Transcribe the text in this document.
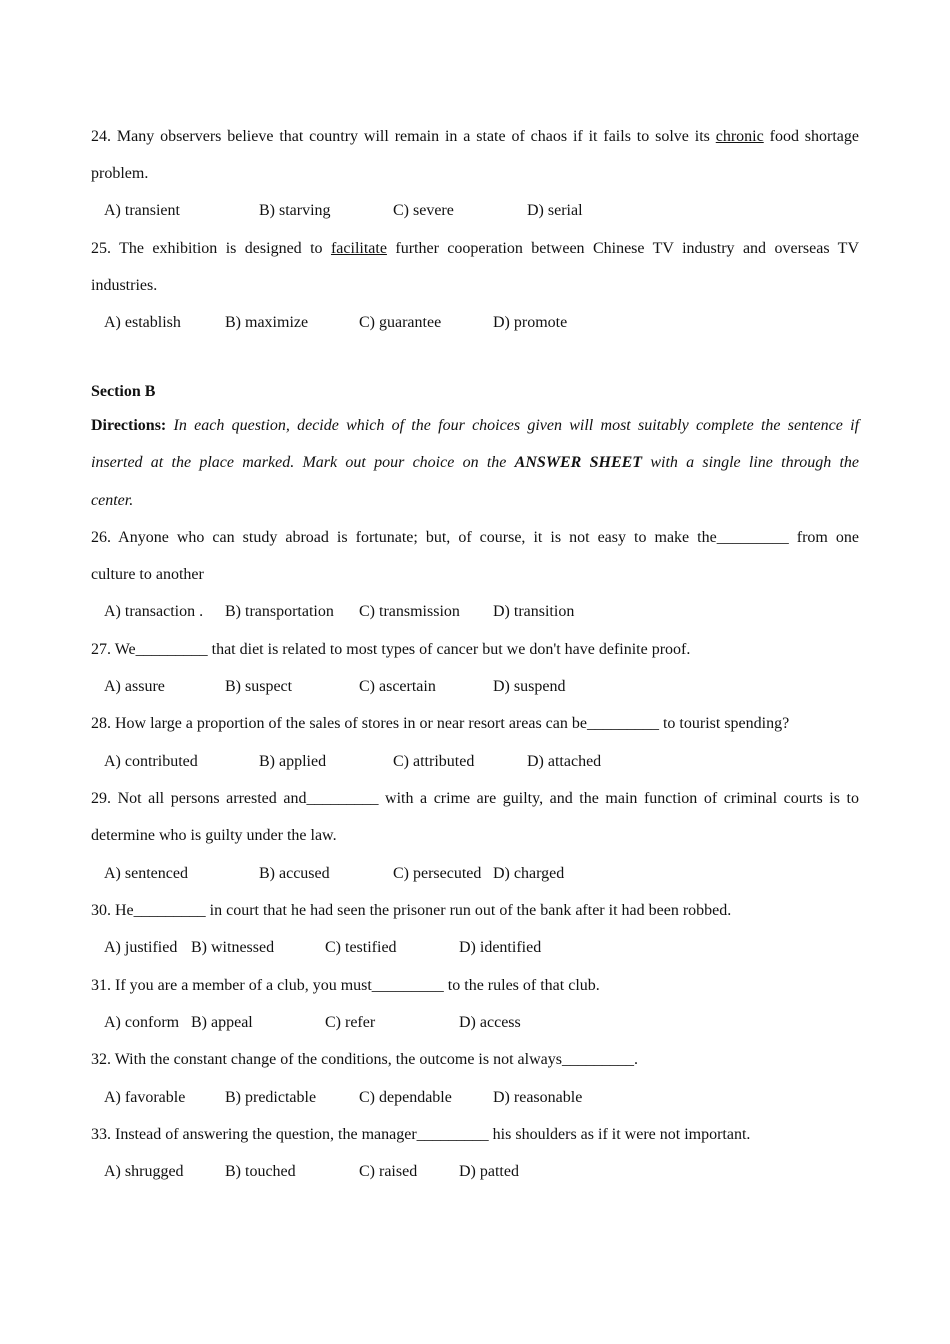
24. Many observers believe that country will remain in a state of chaos if it fails to solve its chronic food shortage
problem.
A) transient	B) starving	C) severe	D) serial
25. The exhibition is designed to facilitate further cooperation between Chinese TV industry and overseas TV
industries.
A) establish	B) maximize	C) guarantee	D) promote
Section B
Directions: In each question, decide which of the four choices given will most suitably complete the sentence if
inserted at the place marked. Mark out pour choice on the ANSWER SHEET with a single line through the
center.
26. Anyone who can study abroad is fortunate; but, of course, it is not easy to make the_________ from one
culture to another
A) transaction . B) transportation C) transmission D) transition
27. We_________ that diet is related to most types of cancer but we don't have definite proof.
A) assure	B) suspect	C) ascertain	D) suspend
28. How large a proportion of the sales of stores in or near resort areas can be_________ to tourist spending?
A) contributed	B) applied	C) attributed	D) attached
29. Not all persons arrested and_________ with a crime are guilty, and the main function of criminal courts is to
determine who is guilty under the law.
A) sentenced	B) accused	C) persecuted D) charged
30. He_________ in court that he had seen the prisoner run out of the bank after it had been robbed.
A) justified B) witnessed	C) testified	D) identified
31. If you are a member of a club, you must_________ to the rules of that club.
A) conform B) appeal	C) refer	D) access
32. With the constant change of the conditions, the outcome is not always_________.
A) favorable B) predictable	C) dependable	D) reasonable
33. Instead of answering the question, the manager_________ his shoulders as if it were not important.
A) shrugged	B) touched	C) raised	D) patted
